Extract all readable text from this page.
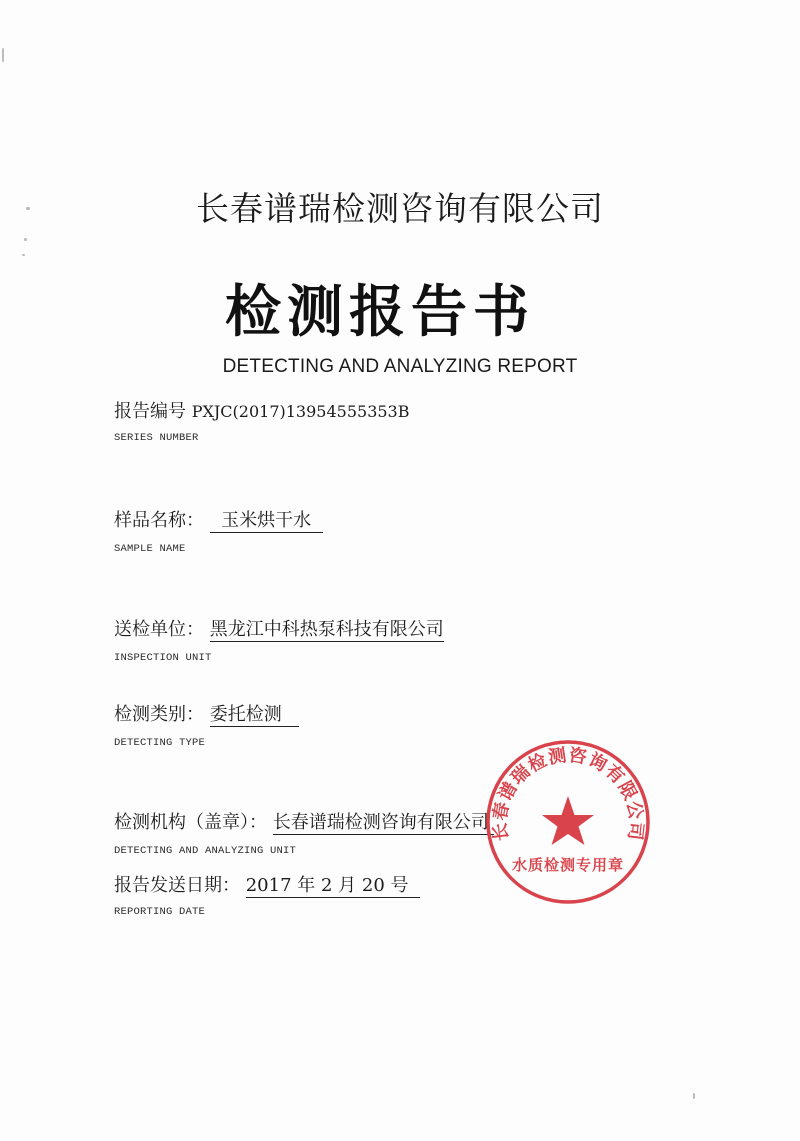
长春谱瑞检测咨询有限公司
检测报告书
DETECTING AND ANALYZING REPORT
报告编号 PXJC(2017)13954555353B
SERIES NUMBER
样品名称：   玉米烘干水
SAMPLE NAME
送检单位： 黑龙江中科热泵科技有限公司
INSPECTION UNIT
检测类别： 委托检测
DETECTING TYPE
检测机构（盖章）： 长春谱瑞检测咨询有限公司
DETECTING AND ANALYZING UNIT
报告发送日期： 2017 年 2 月 20 号
REPORTING DATE
长春谱瑞检测咨询有限公司
水质检测专用章
